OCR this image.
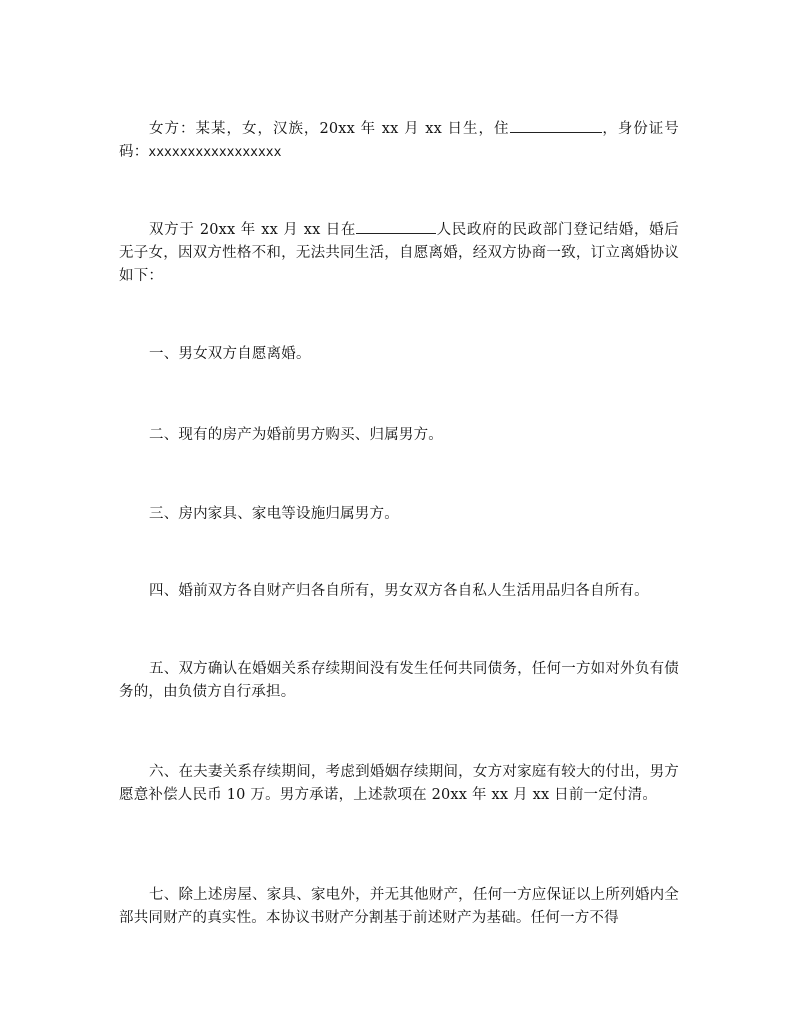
女方：某某，女，汉族，20xx 年 xx 月 xx 日生，住	，身份证号码：xxxxxxxxxxxxxxxxx

双方于 20xx 年 xx 月 xx 日在	人民政府的民政部门登记结婚，婚后无子女，因双方性格不和，无法共同生活，自愿离婚，经双方协商一致，订立离婚协议如下：

一、男女双方自愿离婚。

二、现有的房产为婚前男方购买、归属男方。

三、房内家具、家电等设施归属男方。

四、婚前双方各自财产归各自所有，男女双方各自私人生活用品归各自所有。

五、双方确认在婚姻关系存续期间没有发生任何共同债务，任何一方如对外负有债务的，由负债方自行承担。

六、在夫妻关系存续期间，考虑到婚姻存续期间，女方对家庭有较大的付出，男方愿意补偿人民币 10 万。男方承诺，上述款项在 20xx 年 xx 月 xx 日前一定付清。

七、除上述房屋、家具、家电外，并无其他财产，任何一方应保证以上所列婚内全部共同财产的真实性。本协议书财产分割基于前述财产为基础。任何一方不得
